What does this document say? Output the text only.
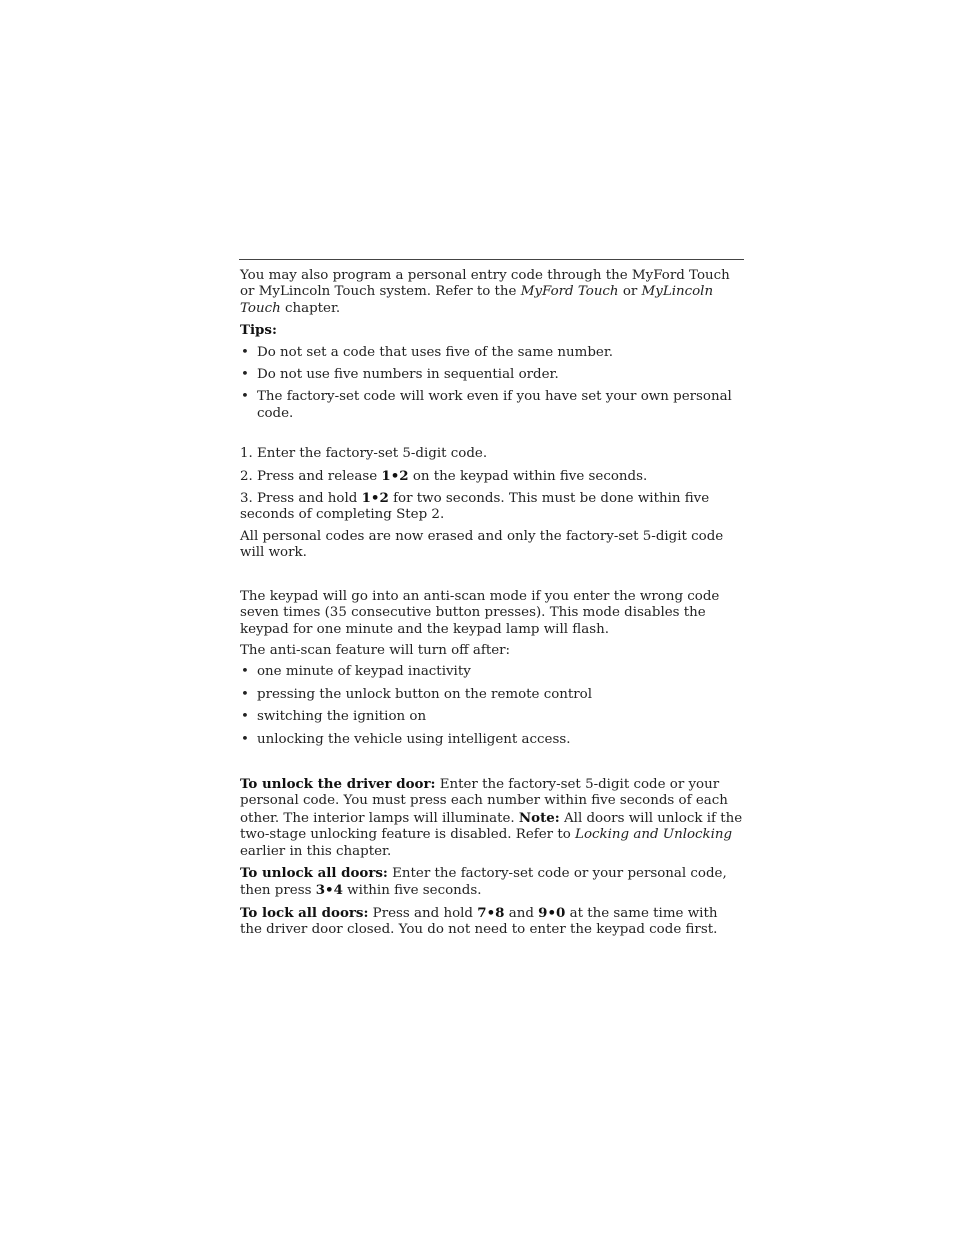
You may also program a personal entry code through the MyFord Touch or MyLincoln Touch system. Refer to the MyFord Touch or MyLincoln Touch chapter.

Tips:

• Do not set a code that uses five of the same number.
• Do not use five numbers in sequential order.
• The factory-set code will work even if you have set your own personal code.
1. Enter the factory-set 5-digit code.
2. Press and release 1•2 on the keypad within five seconds.
3. Press and hold 1•2 for two seconds. This must be done within five seconds of completing Step 2.

All personal codes are now erased and only the factory-set 5-digit code will work.

The keypad will go into an anti-scan mode if you enter the wrong code seven times (35 consecutive button presses). This mode disables the keypad for one minute and the keypad lamp will flash.

The anti-scan feature will turn off after:

• one minute of keypad inactivity
• pressing the unlock button on the remote control
• switching the ignition on
• unlocking the vehicle using intelligent access.

To unlock the driver door: Enter the factory-set 5-digit code or your personal code. You must press each number within five seconds of each other. The interior lamps will illuminate. Note: All doors will unlock if the two-stage unlocking feature is disabled. Refer to Locking and Unlocking earlier in this chapter.

To unlock all doors: Enter the factory-set code or your personal code, then press 3•4 within five seconds.

To lock all doors: Press and hold 7•8 and 9•0 at the same time with the driver door closed. You do not need to enter the keypad code first.
